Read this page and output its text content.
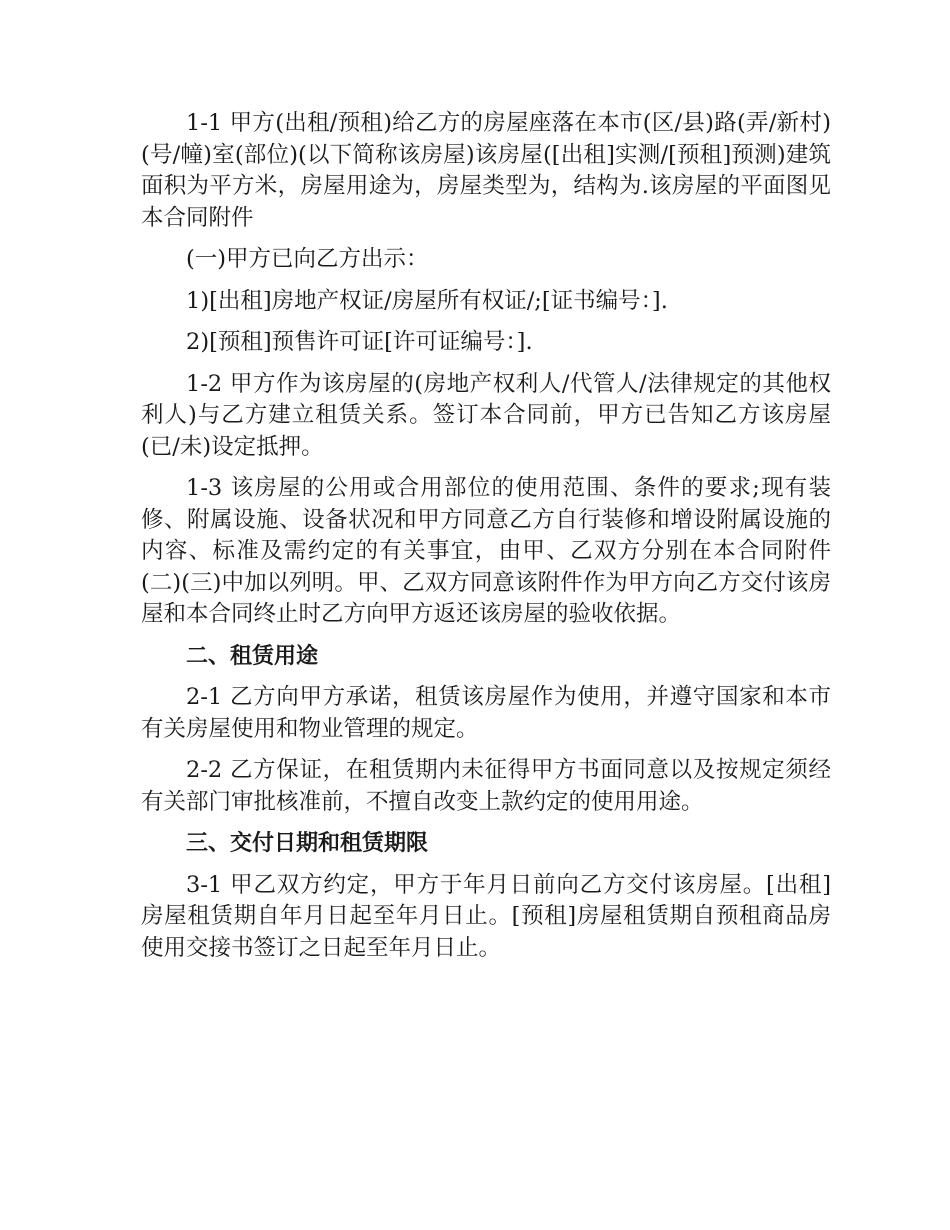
1-1 甲方(出租/预租)给乙方的房屋座落在本市(区/县)路(弄/新村)(号/幢)室(部位)(以下简称该房屋)该房屋([出租]实测/[预租]预测)建筑面积为平方米，房屋用途为，房屋类型为，结构为.该房屋的平面图见本合同附件

(一)甲方已向乙方出示：

1)[出租]房地产权证/房屋所有权证/;[证书编号：].

2)[预租]预售许可证[许可证编号：].

1-2 甲方作为该房屋的(房地产权利人/代管人/法律规定的其他权利人)与乙方建立租赁关系。签订本合同前，甲方已告知乙方该房屋(已/未)设定抵押。

1-3 该房屋的公用或合用部位的使用范围、条件的要求;现有装修、附属设施、设备状况和甲方同意乙方自行装修和增设附属设施的内容、标准及需约定的有关事宜，由甲、乙双方分别在本合同附件(二)(三)中加以列明。甲、乙双方同意该附件作为甲方向乙方交付该房屋和本合同终止时乙方向甲方返还该房屋的验收依据。

二、租赁用途

2-1 乙方向甲方承诺，租赁该房屋作为使用，并遵守国家和本市有关房屋使用和物业管理的规定。

2-2 乙方保证，在租赁期内未征得甲方书面同意以及按规定须经有关部门审批核准前，不擅自改变上款约定的使用用途。

三、交付日期和租赁期限

3-1 甲乙双方约定，甲方于年月日前向乙方交付该房屋。[出租]房屋租赁期自年月日起至年月日止。[预租]房屋租赁期自预租商品房使用交接书签订之日起至年月日止。
